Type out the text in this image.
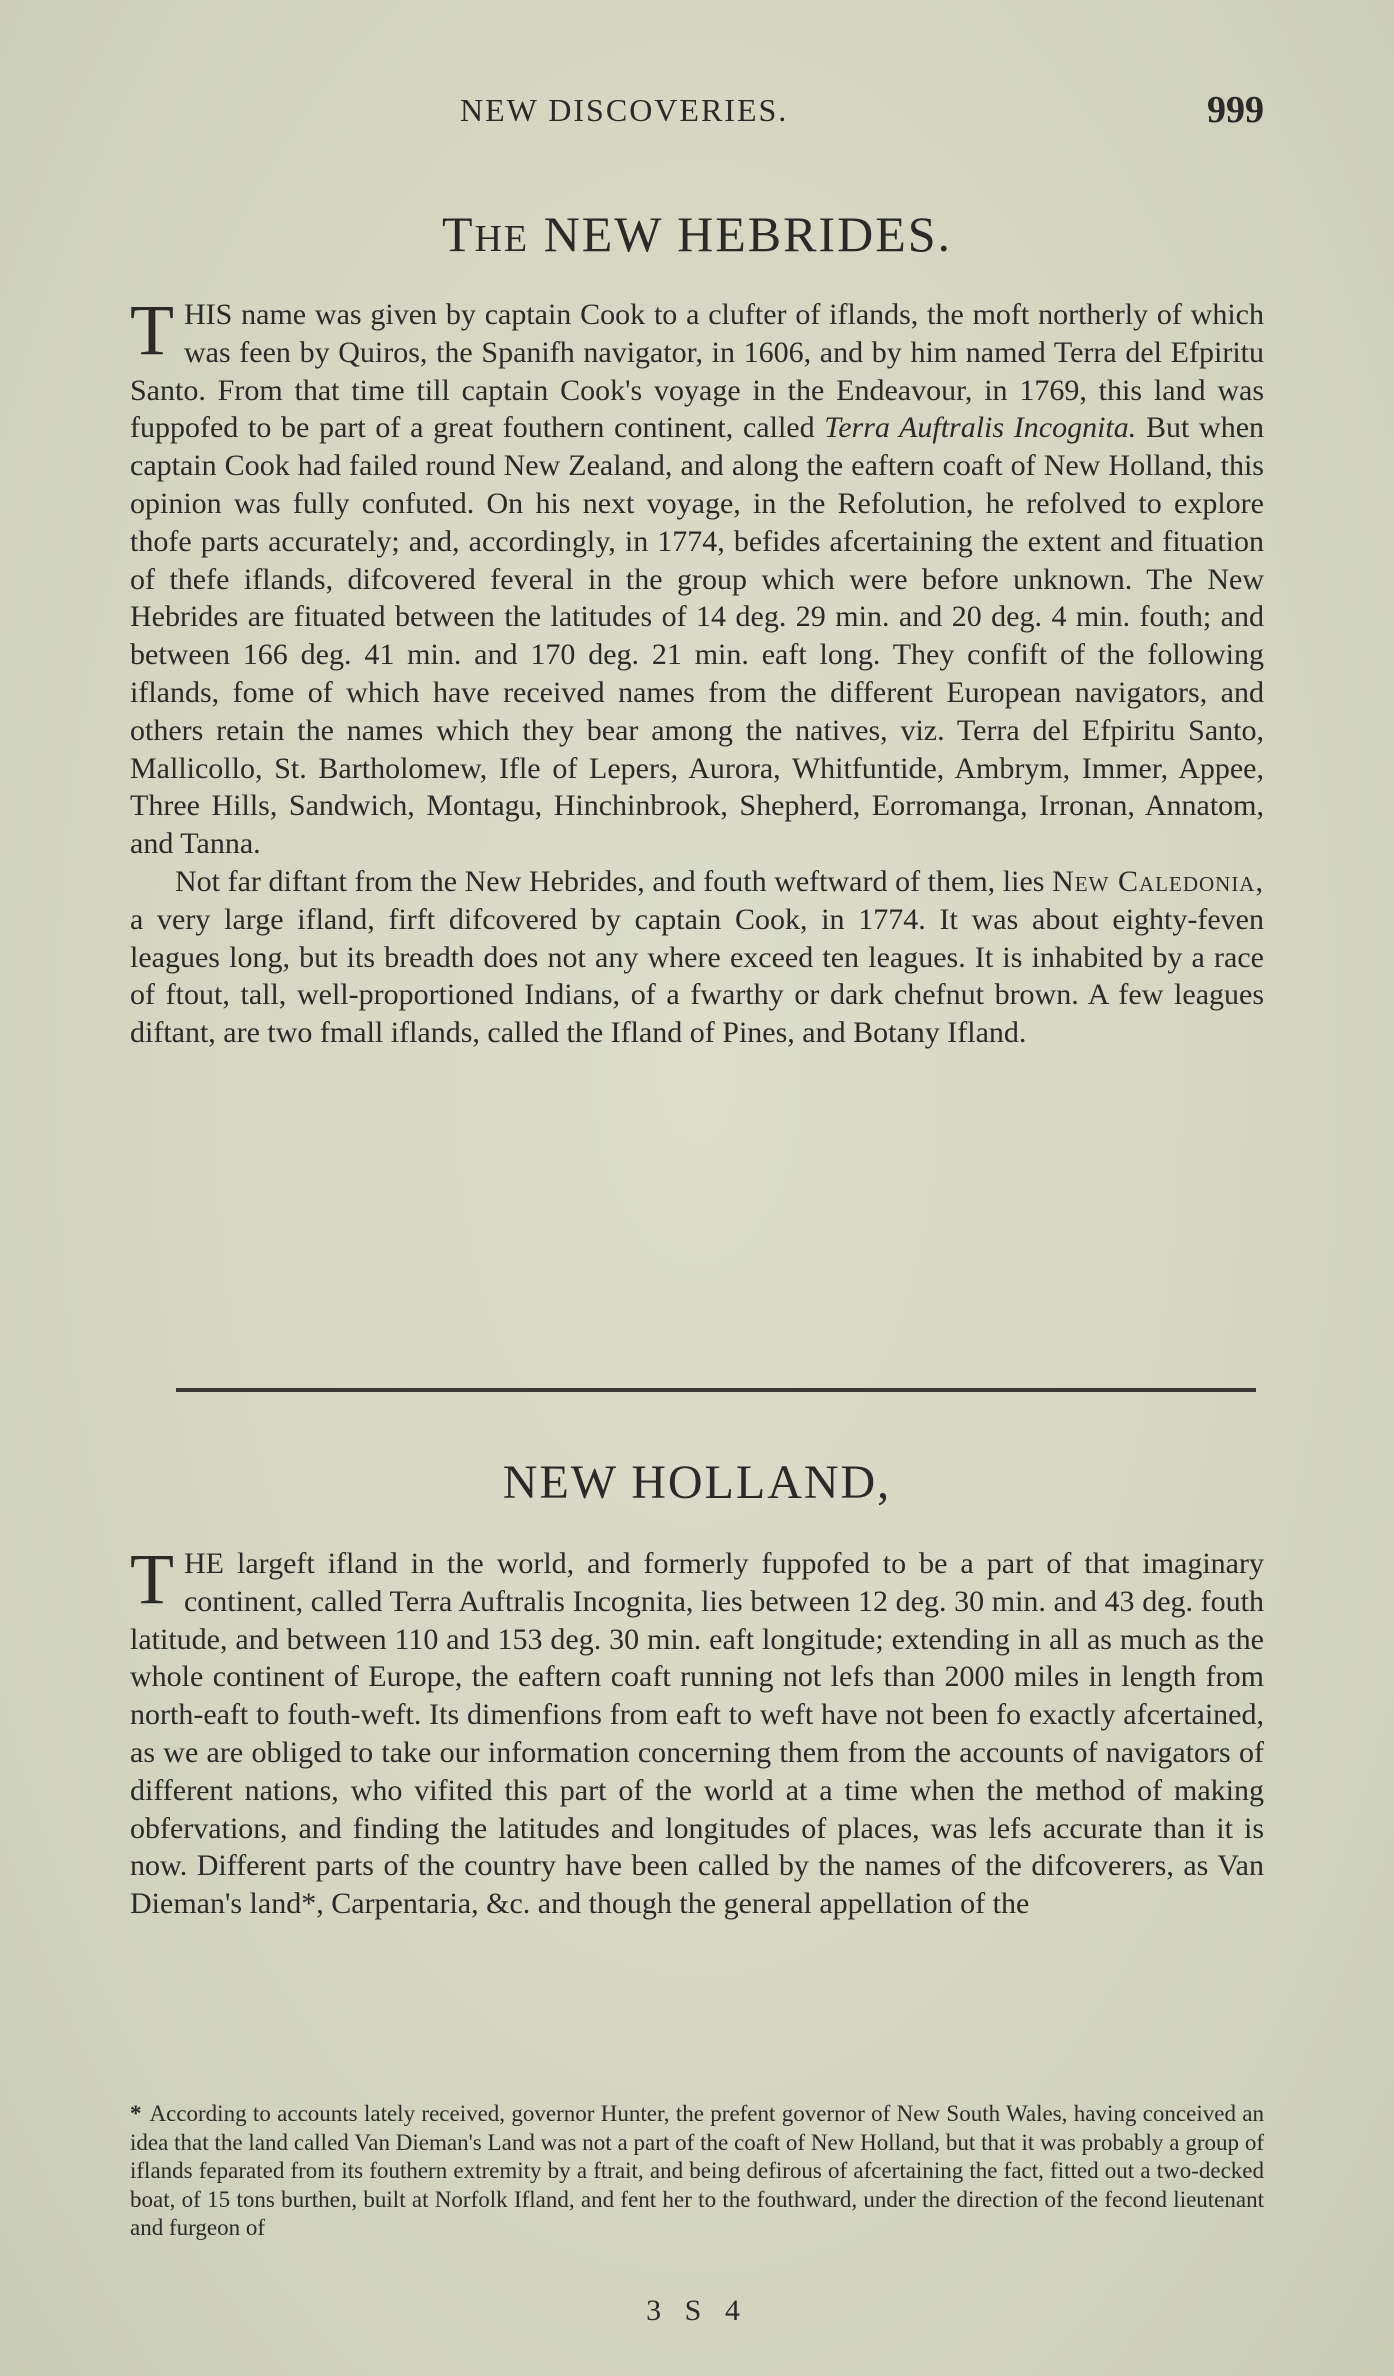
NEW DISCOVERIES.	999
THE NEW HEBRIDES.

THIS name was given by captain Cook to a clufter of iflands, the moft northerly of which was feen by Quiros, the Spanifh navigator, in 1606, and by him named Terra del Efpiritu Santo. From that time till captain Cook's voyage in the Endeavour, in 1769, this land was fuppofed to be part of a great fouthern continent, called Terra Auftralis Incognita. But when captain Cook had failed round New Zealand, and along the eaftern coaft of New Holland, this opinion was fully confuted. On his next voyage, in the Refolution, he refolved to explore thofe parts accurately; and, accordingly, in 1774, befides afcertaining the extent and fituation of thefe iflands, difcovered feveral in the group which were before unknown. The New Hebrides are fituated between the latitudes of 14 deg. 29 min. and 20 deg. 4 min. fouth; and between 166 deg. 41 min. and 170 deg. 21 min. eaft long. They confift of the following iflands, fome of which have received names from the different European navigators, and others retain the names which they bear among the natives, viz. Terra del Efpiritu Santo, Mallicollo, St. Bartholomew, Ifle of Lepers, Aurora, Whitfuntide, Ambrym, Immer, Appee, Three Hills, Sandwich, Montagu, Hinchinbrook, Shepherd, Eorromanga, Irronan, Annatom, and Tanna.

Not far diftant from the New Hebrides, and fouth weftward of them, lies New Caledonia, a very large ifland, firft difcovered by captain Cook, in 1774. It was about eighty-feven leagues long, but its breadth does not any where exceed ten leagues. It is inhabited by a race of ftout, tall, well-proportioned Indians, of a fwarthy or dark chefnut brown. A few leagues diftant, are two fmall iflands, called the Ifland of Pines, and Botany Ifland.

NEW HOLLAND,

THE largeft ifland in the world, and formerly fuppofed to be a part of that imaginary continent, called Terra Auftralis Incognita, lies between 12 deg. 30 min. and 43 deg. fouth latitude, and between 110 and 153 deg. 30 min. eaft longitude; extending in all as much as the whole continent of Europe, the eaftern coaft running not lefs than 2000 miles in length from north-eaft to fouth-weft. Its dimenfions from eaft to weft have not been fo exactly afcertained, as we are obliged to take our information concerning them from the accounts of navigators of different nations, who vifited this part of the world at a time when the method of making obfervations, and finding the latitudes and longitudes of places, was lefs accurate than it is now. Different parts of the country have been called by the names of the difcoverers, as Van Dieman's land*, Carpentaria, &c. and though the general appellation of the

* According to accounts lately received, governor Hunter, the prefent governor of New South Wales, having conceived an idea that the land called Van Dieman's Land was not a part of the coaft of New Holland, but that it was probably a group of iflands feparated from its fouthern extremity by a ftrait, and being defirous of afcertaining the fact, fitted out a two-decked boat, of 15 tons burthen, built at Norfolk Ifland, and fent her to the fouthward, under the direction of the fecond lieutenant and furgeon of
3 S 4
